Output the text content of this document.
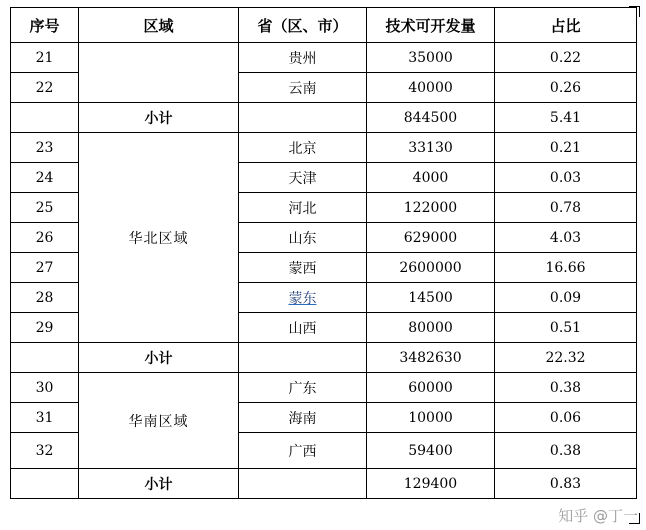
序号	区域	省（区、市）	技术可开发量	占比
21		贵州	35000	0.22
22		云南	40000	0.26
	小计		844500	5.41
23	华北区域	北京	33130	0.21
24		天津	4000	0.03
25		河北	122000	0.78
26		山东	629000	4.03
27		蒙西	2600000	16.66
28		蒙东	14500	0.09
29		山西	80000	0.51
	小计		3482630	22.32
30	华南区域	广东	60000	0.38
31		海南	10000	0.06
32		广西	59400	0.38
	小计		129400	0.83
知乎 @丁一
